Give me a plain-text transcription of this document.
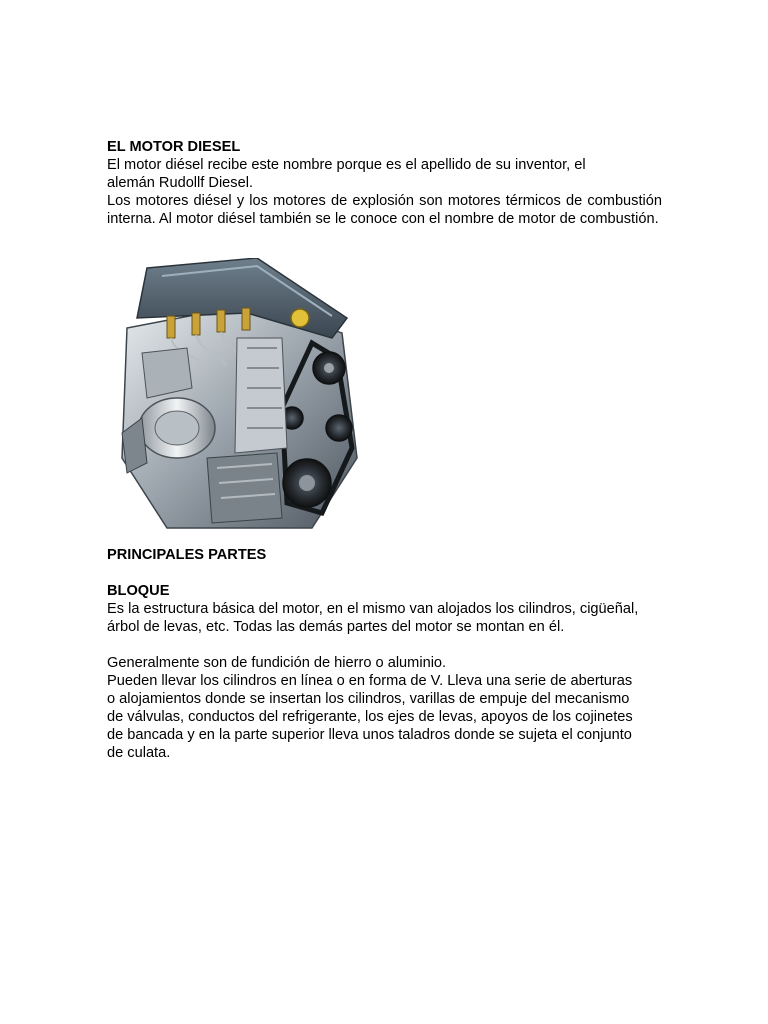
EL MOTOR DIESEL

El motor diésel recibe este nombre porque es el apellido de su inventor, el

alemán Rudollf Diesel.

Los motores diésel y los motores de explosión son motores térmicos de combustión interna. Al motor diésel también se le conoce con el nombre de motor de combustión.

PRINCIPALES PARTES

BLOQUE

Es la estructura básica del motor, en el mismo van alojados los cilindros, cigüeñal,

árbol de levas, etc. Todas las demás partes del motor se montan en él.

Generalmente son de fundición de hierro o aluminio.

Pueden llevar los cilindros en línea o en forma de V. Lleva una serie de aberturas

o alojamientos donde se insertan los cilindros, varillas de empuje del mecanismo

de válvulas, conductos del refrigerante, los ejes de levas, apoyos de los cojinetes

de bancada y en la parte superior lleva unos taladros donde se sujeta el conjunto

de culata.
